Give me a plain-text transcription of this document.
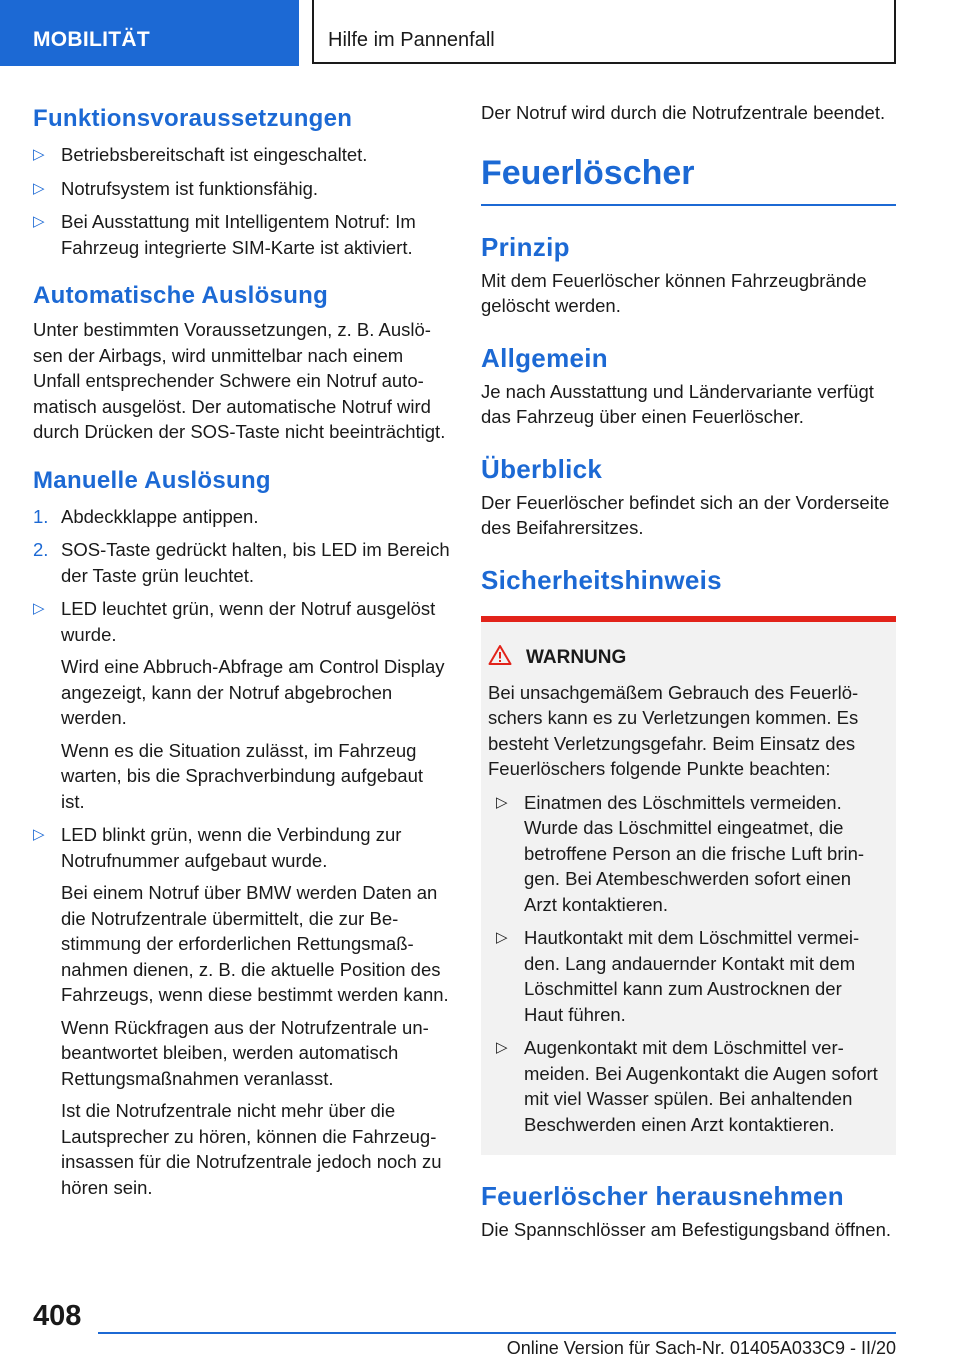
MOBILITÄT	Hilfe im Pannenfall
Funktionsvoraussetzungen
▷ Betriebsbereitschaft ist eingeschaltet.
▷ Notrufsystem ist funktionsfähig.
▷ Bei Ausstattung mit Intelligentem Notruf: Im Fahrzeug integrierte SIM-Karte ist aktiviert.
Automatische Auslösung
Unter bestimmten Voraussetzungen, z. B. Auslösen der Airbags, wird unmittelbar nach einem Unfall entsprechender Schwere ein Notruf automatisch ausgelöst. Der automatische Notruf wird durch Drücken der SOS-Taste nicht beeinträchtigt.
Manuelle Auslösung
1. Abdeckklappe antippen.
2. SOS-Taste gedrückt halten, bis LED im Bereich der Taste grün leuchtet.
▷ LED leuchtet grün, wenn der Notruf ausgelöst wurde.
Wird eine Abbruch-Abfrage am Control Display angezeigt, kann der Notruf abgebrochen werden.
Wenn es die Situation zulässt, im Fahrzeug warten, bis die Sprachverbindung aufgebaut ist.
▷ LED blinkt grün, wenn die Verbindung zur Notrufnummer aufgebaut wurde.
Bei einem Notruf über BMW werden Daten an die Notrufzentrale übermittelt, die zur Bestimmung der erforderlichen Rettungsmaßnahmen dienen, z. B. die aktuelle Position des Fahrzeugs, wenn diese bestimmt werden kann.
Wenn Rückfragen aus der Notrufzentrale unbeantwortet bleiben, werden automatisch Rettungsmaßnahmen veranlasst.
Ist die Notrufzentrale nicht mehr über die Lautsprecher zu hören, können die Fahrzeuginsassen für die Notrufzentrale jedoch noch zu hören sein.
Der Notruf wird durch die Notrufzentrale beendet.
Feuerlöscher
Prinzip
Mit dem Feuerlöscher können Fahrzeugbrände gelöscht werden.
Allgemein
Je nach Ausstattung und Ländervariante verfügt das Fahrzeug über einen Feuerlöscher.
Überblick
Der Feuerlöscher befindet sich an der Vorderseite des Beifahrersitzes.
Sicherheitshinweis
WARNUNG
Bei unsachgemäßem Gebrauch des Feuerlöschers kann es zu Verletzungen kommen. Es besteht Verletzungsgefahr. Beim Einsatz des Feuerlöschers folgende Punkte beachten:
▷ Einatmen des Löschmittels vermeiden. Wurde das Löschmittel eingeatmet, die betroffene Person an die frische Luft bringen. Bei Atembeschwerden sofort einen Arzt kontaktieren.
▷ Hautkontakt mit dem Löschmittel vermeiden. Lang andauernder Kontakt mit dem Löschmittel kann zum Austrocknen der Haut führen.
▷ Augenkontakt mit dem Löschmittel vermeiden. Bei Augenkontakt die Augen sofort mit viel Wasser spülen. Bei anhaltenden Beschwerden einen Arzt kontaktieren.
Feuerlöscher herausnehmen
Die Spannschlösser am Befestigungsband öffnen.
408
Online Version für Sach-Nr. 01405A033C9 - II/20
